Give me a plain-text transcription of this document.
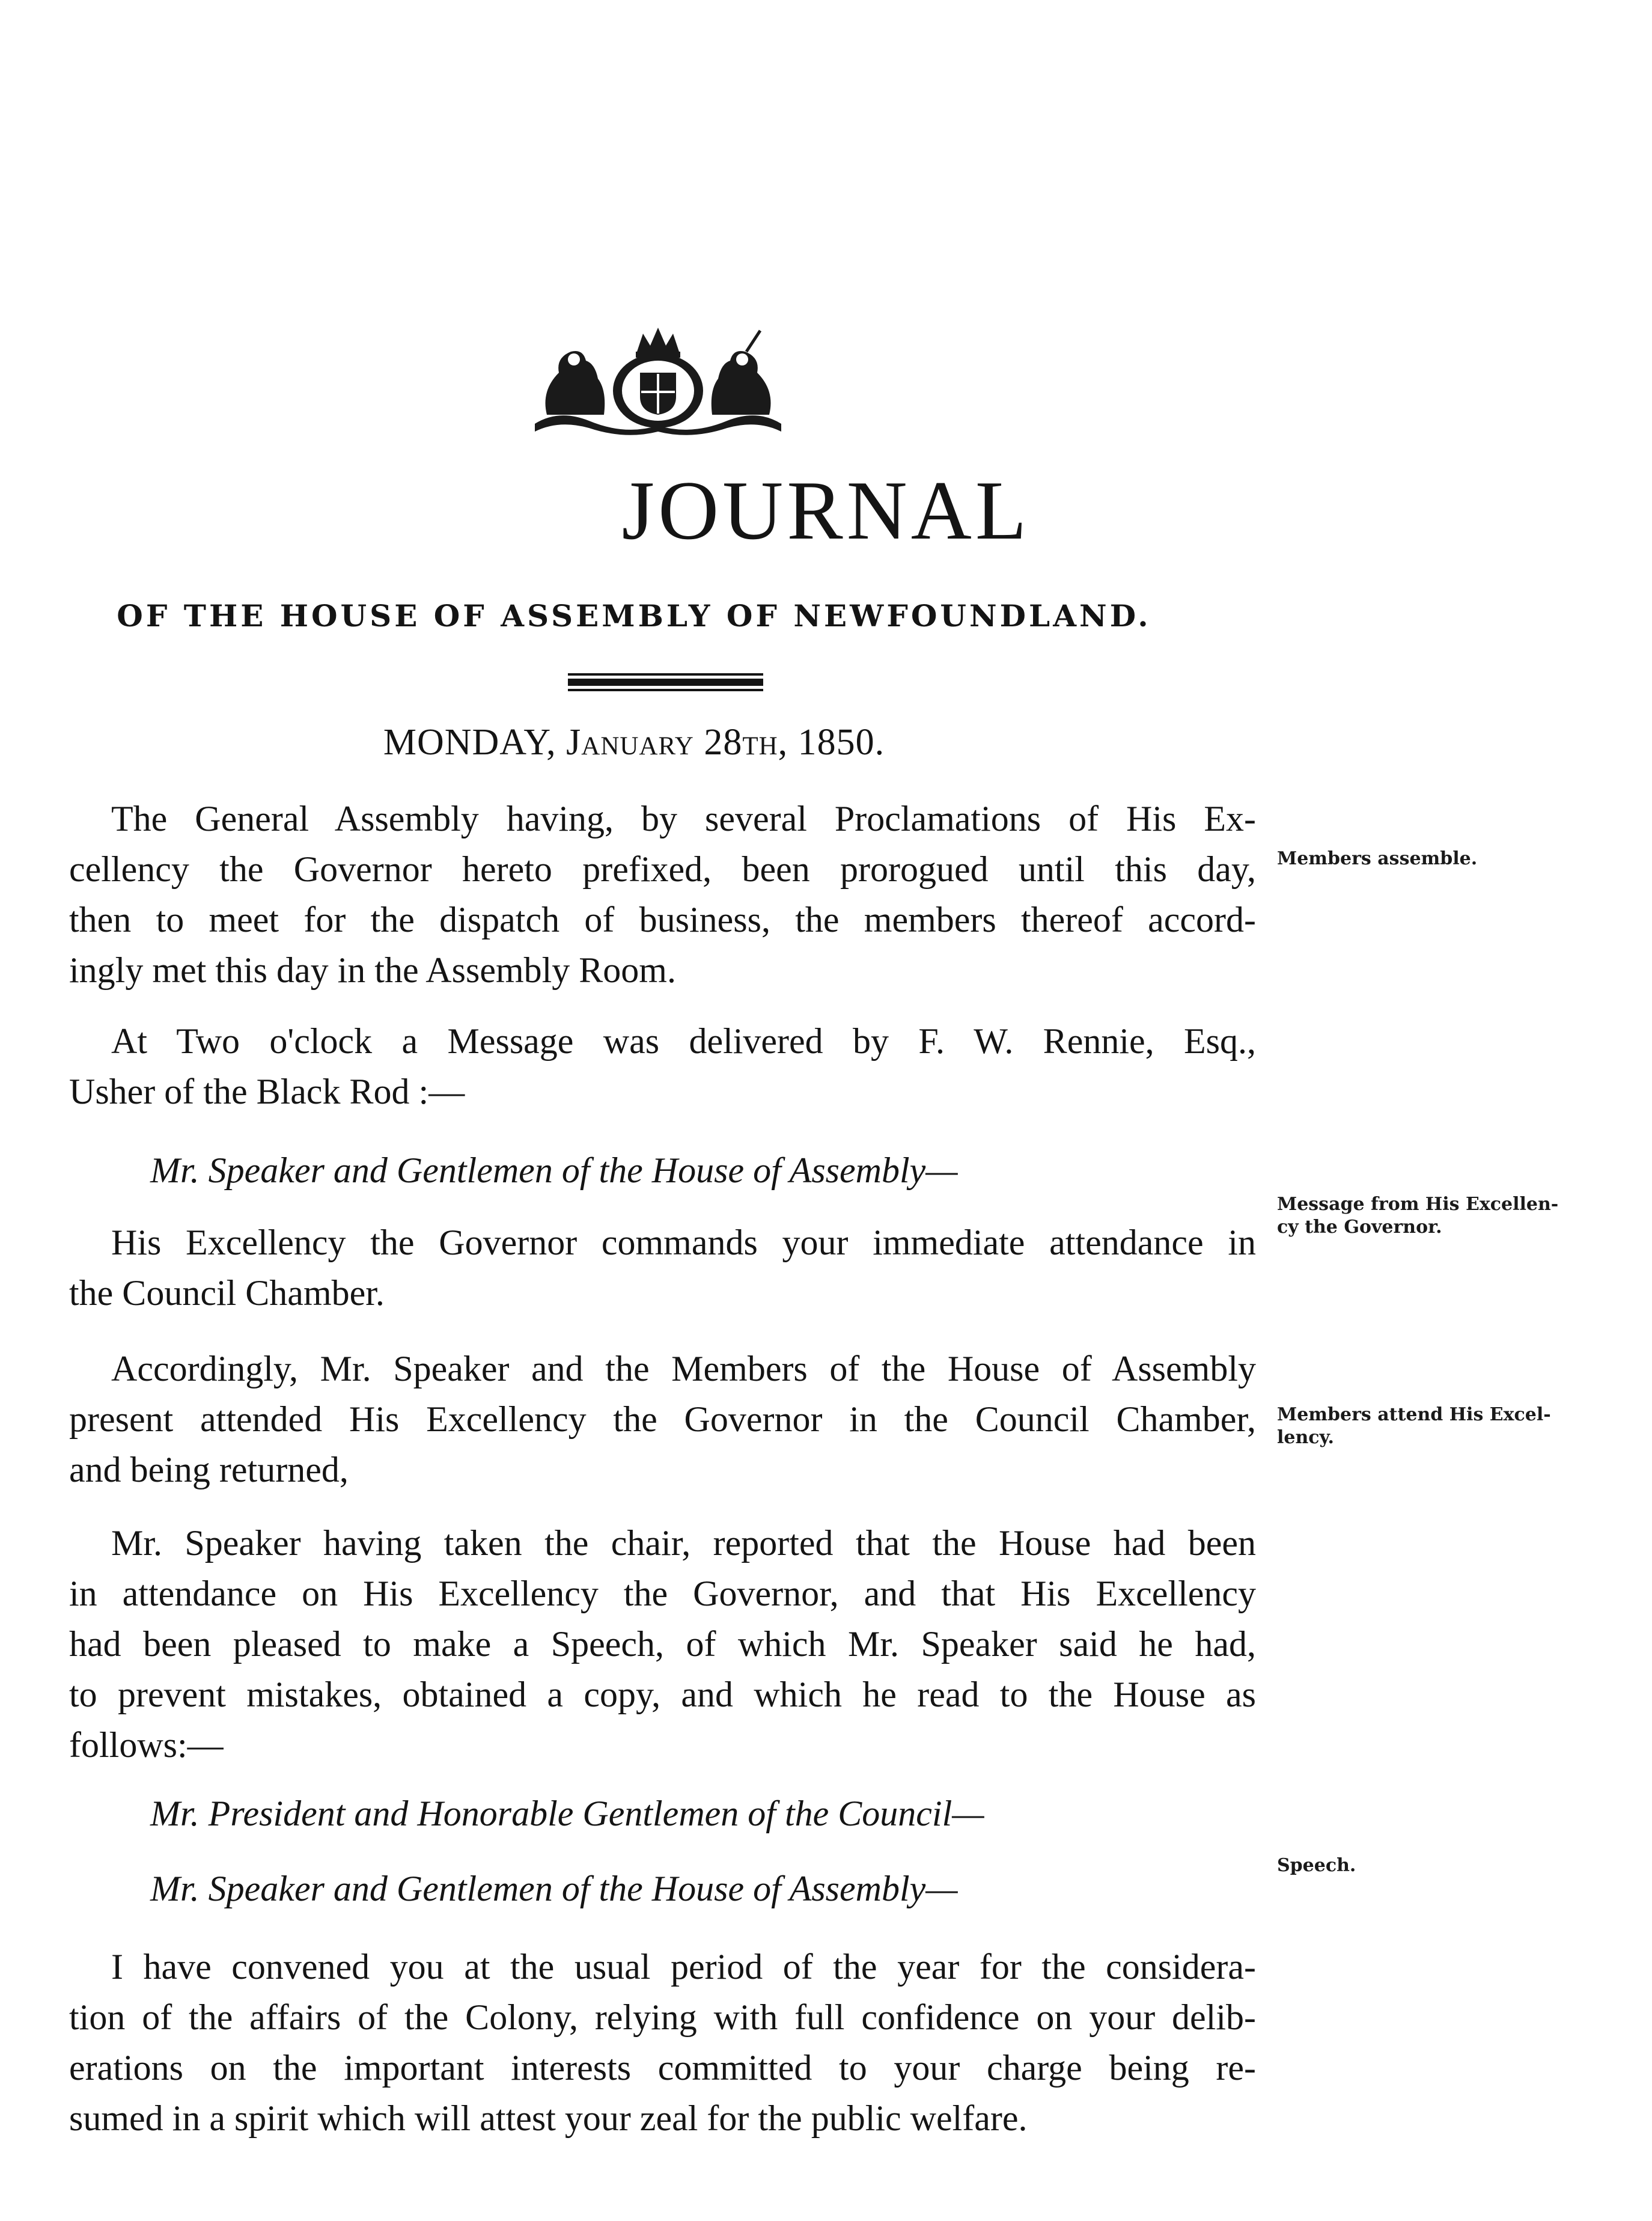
JOURNAL
OF THE HOUSE OF ASSEMBLY OF NEWFOUNDLAND.
MONDAY, January 28th, 1850.
The General Assembly having, by several Proclamations of His Ex-
cellency the Governor hereto prefixed, been prorogued until this day,
then to meet for the dispatch of business, the members thereof accord-
ingly met this day in the Assembly Room.
At Two o'clock a Message was delivered by F. W. Rennie, Esq.,
Usher of the Black Rod :—
Mr. Speaker and Gentlemen of the House of Assembly—
His Excellency the Governor commands your immediate attendance in
the Council Chamber.
Accordingly, Mr. Speaker and the Members of the House of Assembly
present attended His Excellency the Governor in the Council Chamber,
and being returned,
Mr. Speaker having taken the chair, reported that the House had been
in attendance on His Excellency the Governor, and that His Excellency
had been pleased to make a Speech, of which Mr. Speaker said he had,
to prevent mistakes, obtained a copy, and which he read to the House as
follows:—
Mr. President and Honorable Gentlemen of the Council—
Mr. Speaker and Gentlemen of the House of Assembly—
I have convened you at the usual period of the year for the considera-
tion of the affairs of the Colony, relying with full confidence on your delib-
erations on the important interests committed to your charge being re-
sumed in a spirit which will attest your zeal for the public welfare.
Members assemble.
Message from His Excellen-
cy the Governor.
Members attend His Excel-
lency.
Speech.
